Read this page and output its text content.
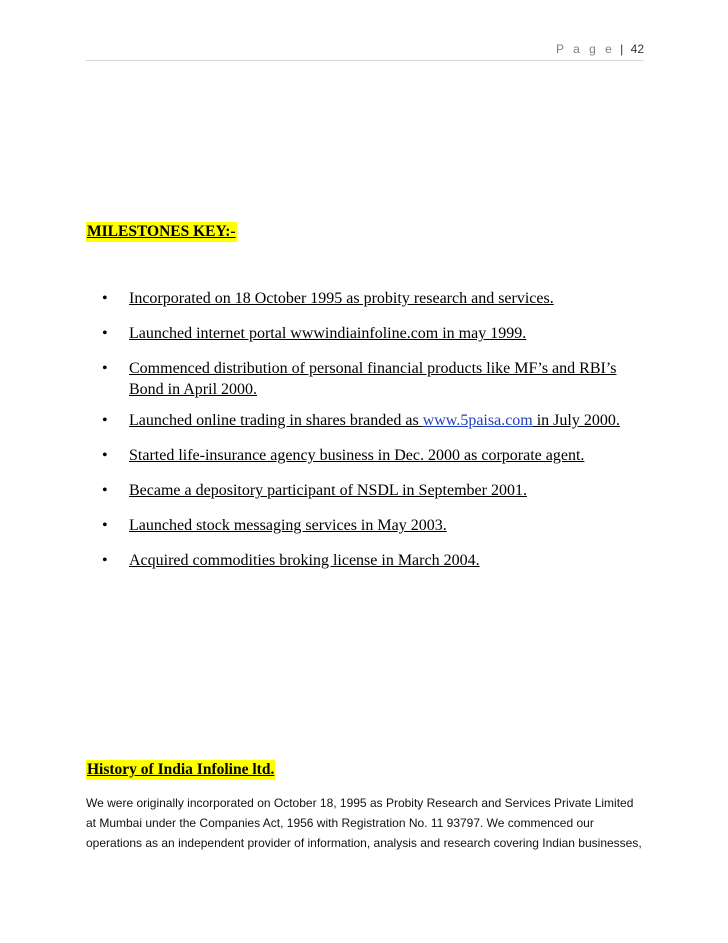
P a g e | 42
MILESTONES KEY:-
• Incorporated on 18 October 1995 as probity research and services.
• Launched internet portal wwwindiainfoline.com in may 1999.
• Commenced distribution of personal financial products like MF’s and RBI’s Bond in April 2000.
• Launched online trading in shares branded as www.5paisa.com in July 2000.
• Started life-insurance agency business in Dec. 2000 as corporate agent.
• Became a depository participant of NSDL in September 2001.
• Launched stock messaging services in May 2003.
• Acquired commodities broking license in March 2004.
History of India Infoline ltd.

We were originally incorporated on October 18, 1995 as Probity Research and Services Private Limited

at Mumbai under the Companies Act, 1956 with Registration No. 11 93797. We commenced our

operations as an independent provider of information, analysis and research covering Indian businesses,
